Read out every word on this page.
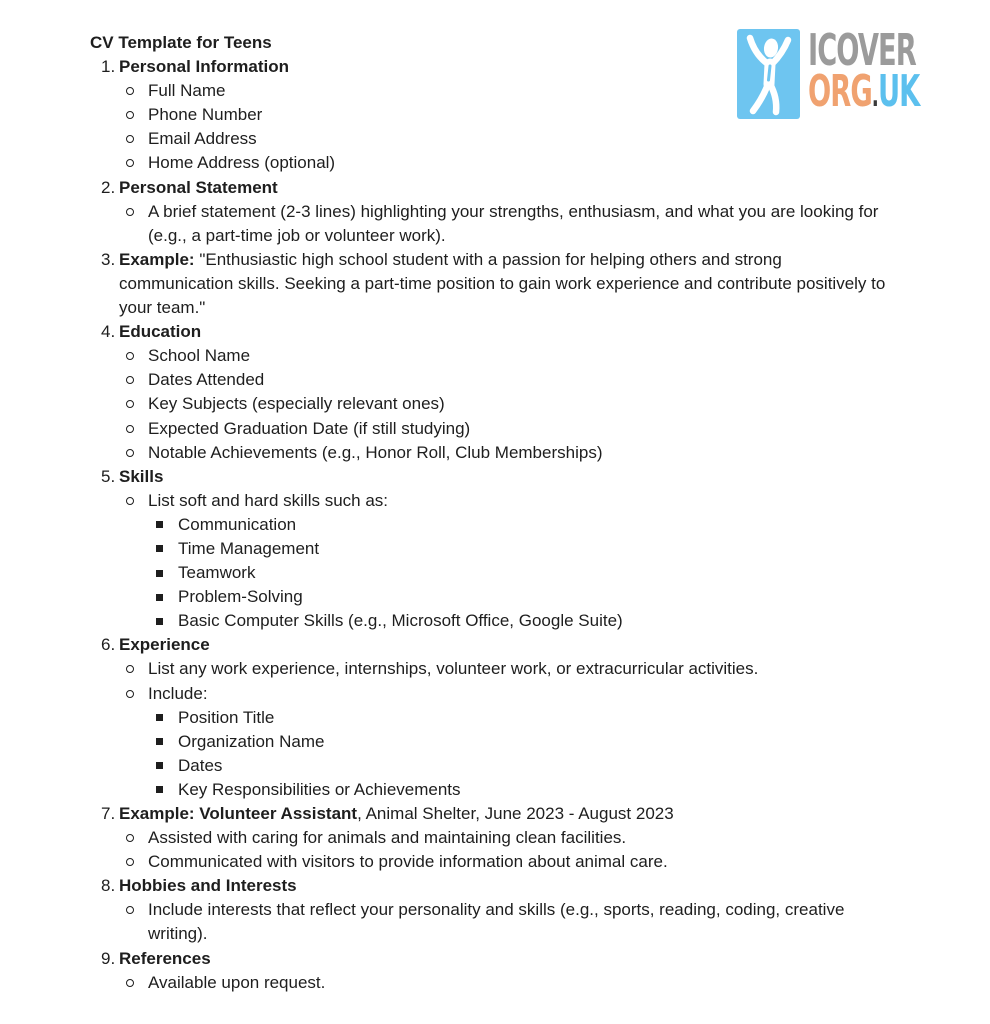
ICOVER
ORG.UK
CV Template for Teens
1. Personal Information
Full Name
Phone Number
Email Address
Home Address (optional)
2. Personal Statement
A brief statement (2-3 lines) highlighting your strengths, enthusiasm, and what you are looking for (e.g., a part-time job or volunteer work).
3. Example: "Enthusiastic high school student with a passion for helping others and strong communication skills. Seeking a part-time position to gain work experience and contribute positively to your team."
4. Education
School Name
Dates Attended
Key Subjects (especially relevant ones)
Expected Graduation Date (if still studying)
Notable Achievements (e.g., Honor Roll, Club Memberships)
5. Skills
List soft and hard skills such as:
Communication
Time Management
Teamwork
Problem-Solving
Basic Computer Skills (e.g., Microsoft Office, Google Suite)
6. Experience
List any work experience, internships, volunteer work, or extracurricular activities.
Include:
Position Title
Organization Name
Dates
Key Responsibilities or Achievements
7. Example: Volunteer Assistant, Animal Shelter, June 2023 - August 2023
Assisted with caring for animals and maintaining clean facilities.
Communicated with visitors to provide information about animal care.
8. Hobbies and Interests
Include interests that reflect your personality and skills (e.g., sports, reading, coding, creative writing).
9. References
Available upon request.
